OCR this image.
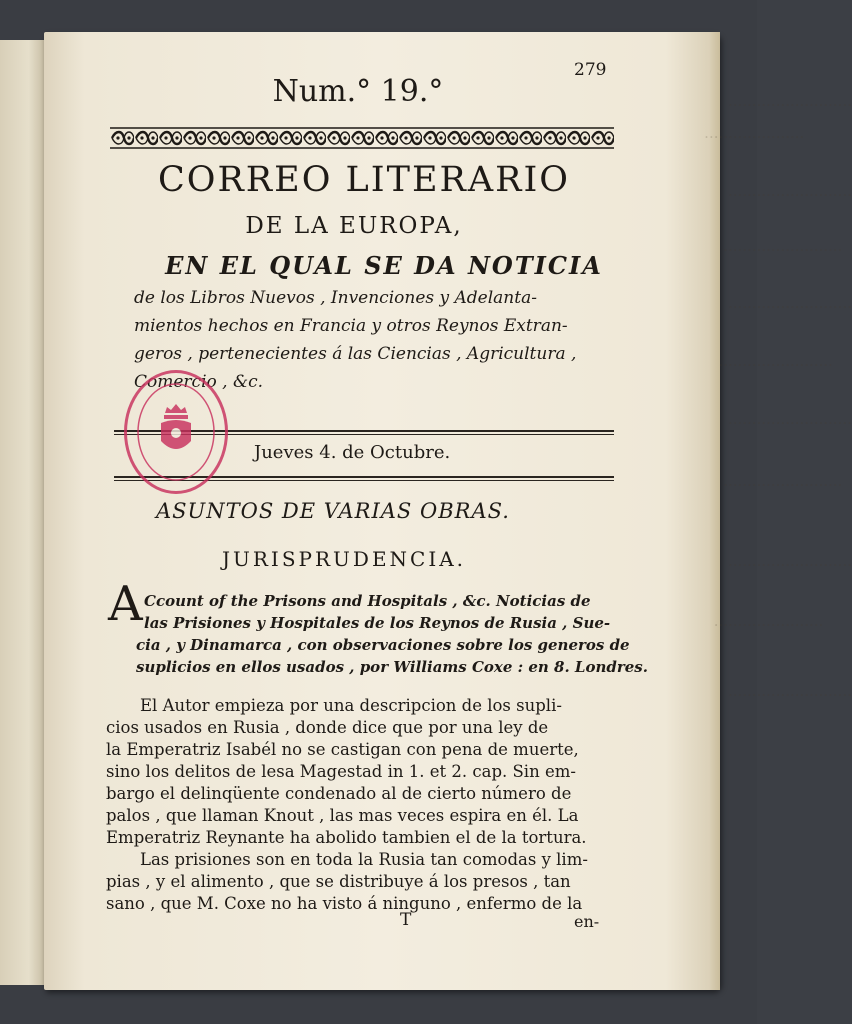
..........................
.....................
..........................
.........................
..........................
........................
..........................
.........................
..........................
.......................
..........................
279
Num.° 19.°
CORREO LITERARIO
DE LA EUROPA,
EN EL QUAL SE DA NOTICIA
de los Libros Nuevos , Invenciones y Adelanta-
mientos hechos en Francia y otros Reynos Extran-
geros , pertenecientes á las Ciencias , Agricultura ,
Comercio , &c.
Jueves 4. de Octubre.
ASUNTOS DE VARIAS OBRAS.
JURISPRUDENCIA.
A Ccount of the Prisons and Hospitals , &c. Noticias de
las Prisiones y Hospitales de los Reynos de Rusia , Sue-
cia , y Dinamarca , con observaciones sobre los generos de
suplicios en ellos usados , por Williams Coxe : en 8. Londres.
El Autor empieza por una descripcion de los supli-
cios usados en Rusia , donde dice que por una ley de
la Emperatriz Isabél no se castigan con pena de muerte,
sino los delitos de lesa Magestad in 1. et 2. cap. Sin em-
bargo el delinqüente condenado al de cierto número de
palos , que llaman Knout , las mas veces espira en él. La
Emperatriz Reynante ha abolido tambien el de la tortura.
Las prisiones son en toda la Rusia tan comodas y lim-
pias , y el alimento , que se distribuye á los presos , tan
sano , que M. Coxe no ha visto á ninguno , enfermo de la
T	en-
